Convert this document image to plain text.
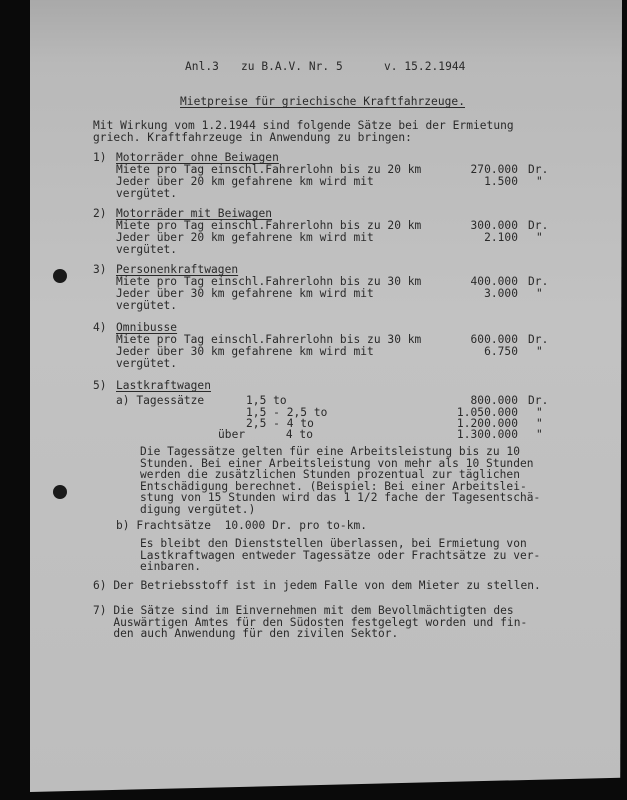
Anl.3 zu B.A.V. Nr. 5	v. 15.2.1944
Mietpreise für griechische Kraftfahrzeuge.
Mit Wirkung vom 1.2.1944 sind folgende Sätze bei der Ermietung
griech. Kraftfahrzeuge in Anwendung zu bringen:
1) Motorräder ohne Beiwagen
Miete pro Tag einschl.Fahrerlohn bis zu 20 km
Jeder über 20 km gefahrene km wird mit
vergütet.
270.000
1.500
Dr.
"
2) Motorräder mit Beiwagen
Miete pro Tag einschl.Fahrerlohn bis zu 20 km
Jeder über 20 km gefahrene km wird mit
vergütet.
300.000
2.100
Dr.
"
3) Personenkraftwagen
Miete pro Tag einschl.Fahrerlohn bis zu 30 km
Jeder über 30 km gefahrene km wird mit
vergütet.
400.000
3.000
Dr.
"
4) Omnibusse
Miete pro Tag einschl.Fahrerlohn bis zu 30 km
Jeder über 30 km gefahrene km wird mit
vergütet.
600.000
6.750
Dr.
"
5) Lastkraftwagen
a) Tagessätze	1,5 to
1,5 - 2,5 to
2,5 - 4 to
über      4 to
800.000
1.050.000
1.200.000
1.300.000
Dr.
"
"
"
Die Tagessätze gelten für eine Arbeitsleistung bis zu 10
Stunden. Bei einer Arbeitsleistung von mehr als 10 Stunden
werden die zusätzlichen Stunden prozentual zur täglichen
Entschädigung berechnet. (Beispiel: Bei einer Arbeitslei-
stung von 15 Stunden wird das 1 1/2 fache der Tagesentschä-
digung vergütet.)
b) Frachtsätze  10.000 Dr. pro to-km.
Es bleibt den Dienststellen überlassen, bei Ermietung von
Lastkraftwagen entweder Tagessätze oder Frachtsätze zu ver-
einbaren.
6) Der Betriebsstoff ist in jedem Falle von dem Mieter zu stellen.
7) Die Sätze sind im Einvernehmen mit dem Bevollmächtigten des
Auswärtigen Amtes für den Südosten festgelegt worden und fin-
den auch Anwendung für den zivilen Sektor.
